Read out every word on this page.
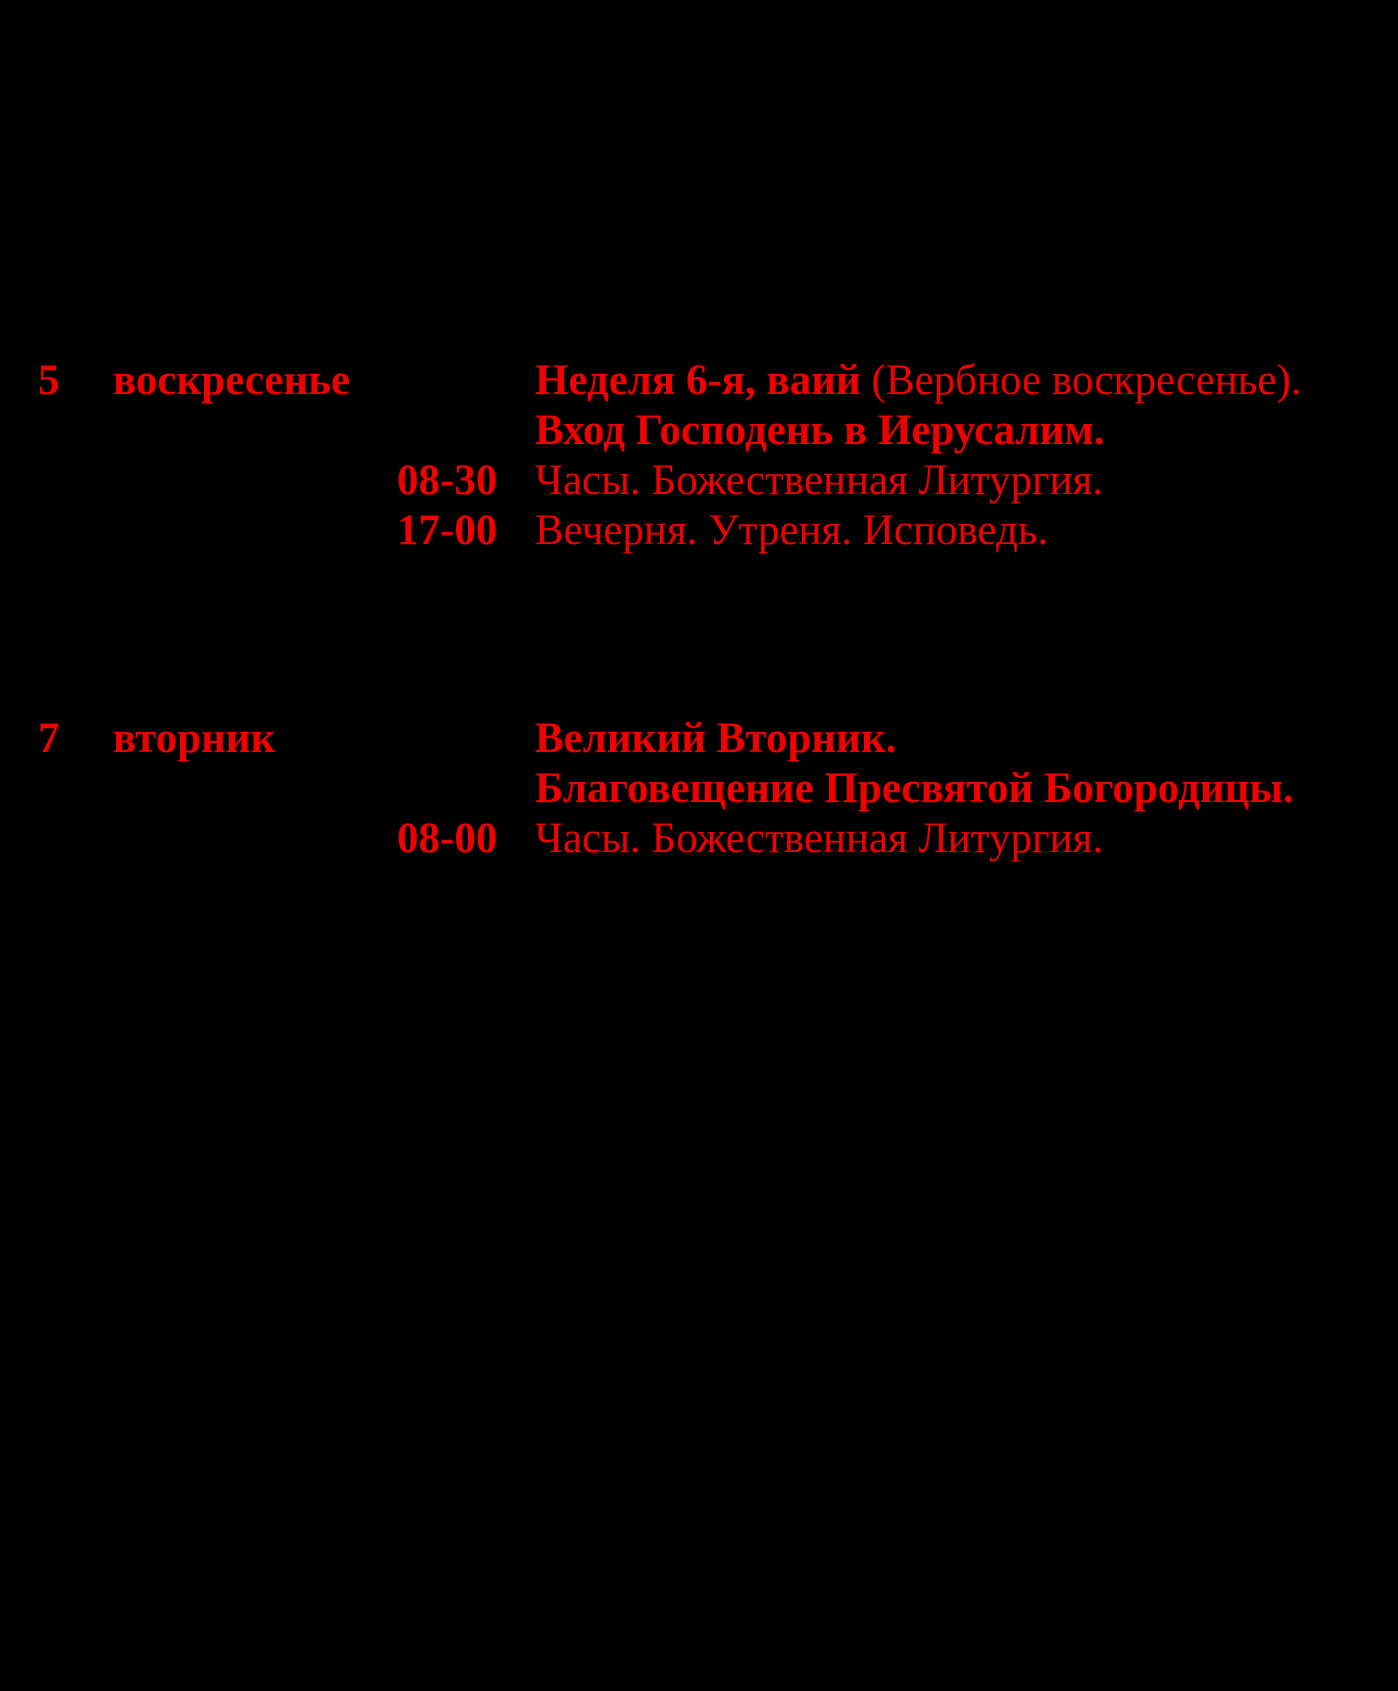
5	воскресенье	Неделя 6-я, ваий (Вербное воскресенье).
Вход Господень в Иерусалим.
08-30 Часы. Божественная Литургия.
17-00 Вечерня. Утреня. Исповедь.
7	вторник	Великий Вторник.
Благовещение Пресвятой Богородицы.
08-00 Часы. Божественная Литургия.
